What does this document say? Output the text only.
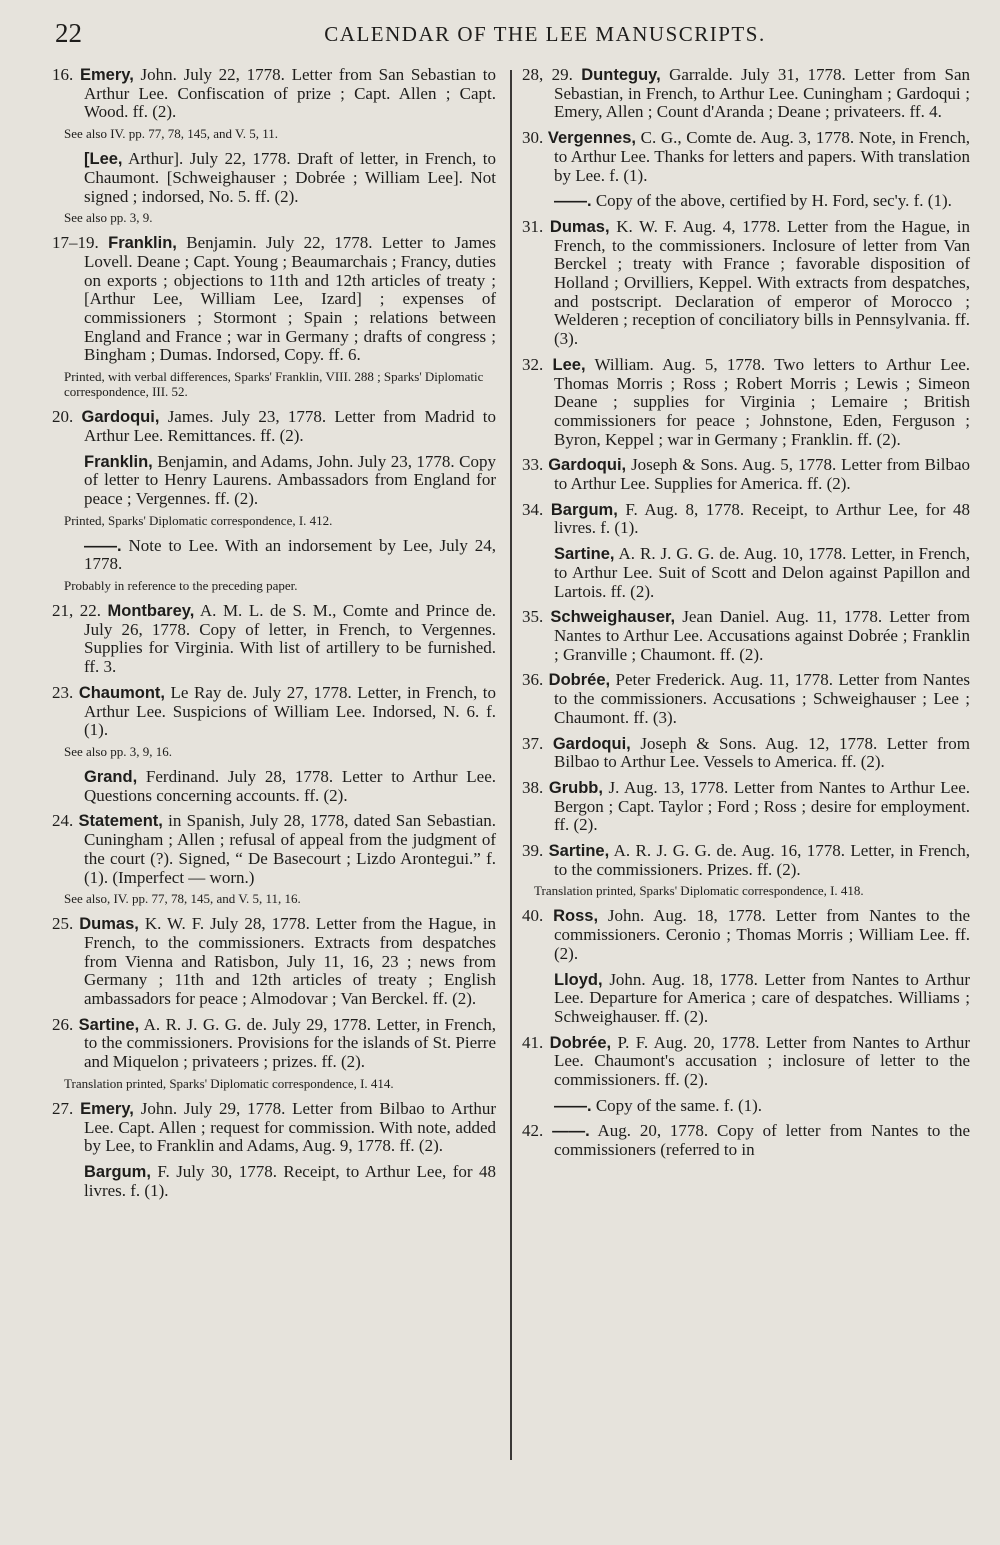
22	CALENDAR OF THE LEE MANUSCRIPTS.
16. Emery, John. July 22, 1778. Letter from San Sebastian to Arthur Lee. Confiscation of prize ; Capt. Allen ; Capt. Wood. ff. (2).
See also IV. pp. 77, 78, 145, and V. 5, 11.
[Lee, Arthur]. July 22, 1778. Draft of letter, in French, to Chaumont. [Schweighauser ; Dobrée ; William Lee]. Not signed ; indorsed, No. 5. ff. (2).
See also pp. 3, 9.
17–19. Franklin, Benjamin. July 22, 1778. Letter to James Lovell. Deane ; Capt. Young ; Beaumarchais ; Francy, duties on exports ; objections to 11th and 12th articles of treaty ; [Arthur Lee, William Lee, Izard] ; expenses of commissioners ; Stormont ; Spain ; relations between England and France ; war in Germany ; drafts of congress ; Bingham ; Dumas. Indorsed, Copy. ff. 6.
Printed, with verbal differences, Sparks' Franklin, VIII. 288 ; Sparks' Diplomatic correspondence, III. 52.
20. Gardoqui, James. July 23, 1778. Letter from Madrid to Arthur Lee. Remittances. ff. (2).
Franklin, Benjamin, and Adams, John. July 23, 1778. Copy of letter to Henry Laurens. Ambassadors from England for peace ; Vergennes. ff. (2).
Printed, Sparks' Diplomatic correspondence, I. 412.
——. Note to Lee. With an indorsement by Lee, July 24, 1778.
Probably in reference to the preceding paper.
21, 22. Montbarey, A. M. L. de S. M., Comte and Prince de. July 26, 1778. Copy of letter, in French, to Vergennes. Supplies for Virginia. With list of artillery to be furnished. ff. 3.
23. Chaumont, Le Ray de. July 27, 1778. Letter, in French, to Arthur Lee. Suspicions of William Lee. Indorsed, N. 6. f. (1).
See also pp. 3, 9, 16.
Grand, Ferdinand. July 28, 1778. Letter to Arthur Lee. Questions concerning accounts. ff. (2).
24. Statement, in Spanish, July 28, 1778, dated San Sebastian. Cuningham ; Allen ; refusal of appeal from the judgment of the court (?). Signed, “ De Basecourt ; Lizdo Arontegui.” f. (1). (Imperfect — worn.)
See also, IV. pp. 77, 78, 145, and V. 5, 11, 16.
25. Dumas, K. W. F. July 28, 1778. Letter from the Hague, in French, to the commissioners. Extracts from despatches from Vienna and Ratisbon, July 11, 16, 23 ; news from Germany ; 11th and 12th articles of treaty ; English ambassadors for peace ; Almodovar ; Van Berckel. ff. (2).
26. Sartine, A. R. J. G. G. de. July 29, 1778. Letter, in French, to the commissioners. Provisions for the islands of St. Pierre and Miquelon ; privateers ; prizes. ff. (2).
Translation printed, Sparks' Diplomatic correspondence, I. 414.
27. Emery, John. July 29, 1778. Letter from Bilbao to Arthur Lee. Capt. Allen ; request for commission. With note, added by Lee, to Franklin and Adams, Aug. 9, 1778. ff. (2).
Bargum, F. July 30, 1778. Receipt, to Arthur Lee, for 48 livres. f. (1).
28, 29. Dunteguy, Garralde. July 31, 1778. Letter from San Sebastian, in French, to Arthur Lee. Cuningham ; Gardoqui ; Emery, Allen ; Count d'Aranda ; Deane ; privateers. ff. 4.
30. Vergennes, C. G., Comte de. Aug. 3, 1778. Note, in French, to Arthur Lee. Thanks for letters and papers. With translation by Lee. f. (1).
——. Copy of the above, certified by H. Ford, sec'y. f. (1).
31. Dumas, K. W. F. Aug. 4, 1778. Letter from the Hague, in French, to the commissioners. Inclosure of letter from Van Berckel ; treaty with France ; favorable disposition of Holland ; Orvilliers, Keppel. With extracts from despatches, and postscript. Declaration of emperor of Morocco ; Welderen ; reception of conciliatory bills in Pennsylvania. ff. (3).
32. Lee, William. Aug. 5, 1778. Two letters to Arthur Lee. Thomas Morris ; Ross ; Robert Morris ; Lewis ; Simeon Deane ; supplies for Virginia ; Lemaire ; British commissioners for peace ; Johnstone, Eden, Ferguson ; Byron, Keppel ; war in Germany ; Franklin. ff. (2).
33. Gardoqui, Joseph & Sons. Aug. 5, 1778. Letter from Bilbao to Arthur Lee. Supplies for America. ff. (2).
34. Bargum, F. Aug. 8, 1778. Receipt, to Arthur Lee, for 48 livres. f. (1).
Sartine, A. R. J. G. G. de. Aug. 10, 1778. Letter, in French, to Arthur Lee. Suit of Scott and Delon against Papillon and Lartois. ff. (2).
35. Schweighauser, Jean Daniel. Aug. 11, 1778. Letter from Nantes to Arthur Lee. Accusations against Dobrée ; Franklin ; Granville ; Chaumont. ff. (2).
36. Dobrée, Peter Frederick. Aug. 11, 1778. Letter from Nantes to the commissioners. Accusations ; Schweighauser ; Lee ; Chaumont. ff. (3).
37. Gardoqui, Joseph & Sons. Aug. 12, 1778. Letter from Bilbao to Arthur Lee. Vessels to America. ff. (2).
38. Grubb, J. Aug. 13, 1778. Letter from Nantes to Arthur Lee. Bergon ; Capt. Taylor ; Ford ; Ross ; desire for employment. ff. (2).
39. Sartine, A. R. J. G. G. de. Aug. 16, 1778. Letter, in French, to the commissioners. Prizes. ff. (2).
Translation printed, Sparks' Diplomatic correspondence, I. 418.
40. Ross, John. Aug. 18, 1778. Letter from Nantes to the commissioners. Ceronio ; Thomas Morris ; William Lee. ff. (2).
Lloyd, John. Aug. 18, 1778. Letter from Nantes to Arthur Lee. Departure for America ; care of despatches. Williams ; Schweighauser. ff. (2).
41. Dobrée, P. F. Aug. 20, 1778. Letter from Nantes to Arthur Lee. Chaumont's accusation ; inclosure of letter to the commissioners. ff. (2).
——. Copy of the same. f. (1).
42. ——. Aug. 20, 1778. Copy of letter from Nantes to the commissioners (referred to in
